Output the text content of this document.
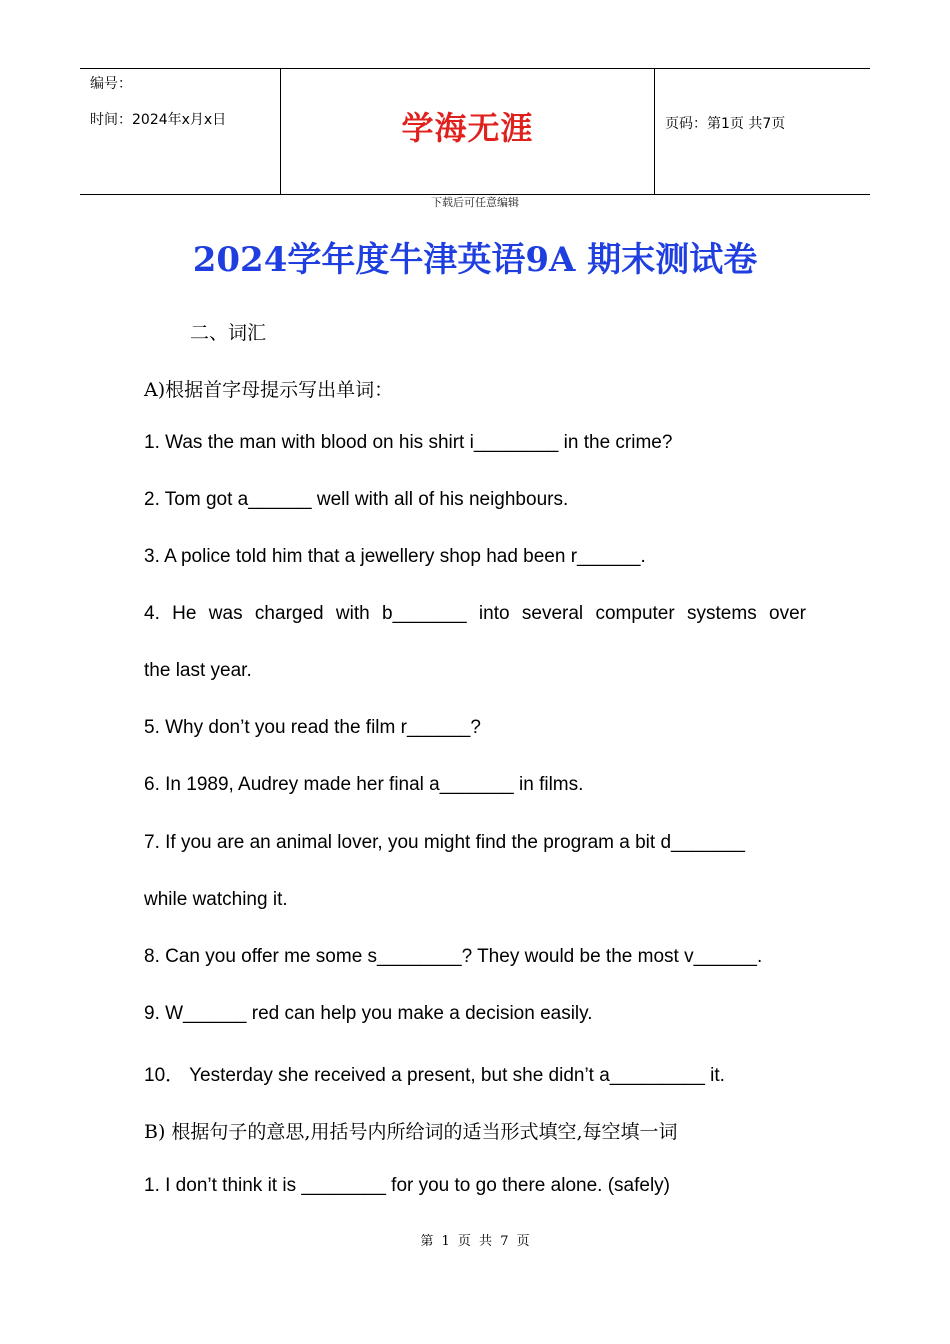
编号：
时间：2024年x月x日	学海无涯	页码：第1页 共7页
下载后可任意编辑
2024学年度牛津英语9A 期末测试卷
二、词汇
A)根据首字母提示写出单词：
1. Was the man with blood on his shirt i________ in the crime?
2. Tom got a______ well with all of his neighbours.
3. A police told him that a jewellery shop had been r______.
4. He was charged with b_______ into several computer systems over
the last year.
5. Why don’t you read the film r______?
6. In 1989, Audrey made her final a_______ in films.
7. If you are an animal lover, you might find the program a bit d_______
while watching it.
8. Can you offer me some s________? They would be the most v______.
9. W______ red can help you make a decision easily.
10． Yesterday she received a present, but she didn’t a_________ it.
B) 根据句子的意思,用括号内所给词的适当形式填空,每空填一词
1. I don’t think it is ________ for you to go there alone. (safely)
第 1 页 共 7 页
